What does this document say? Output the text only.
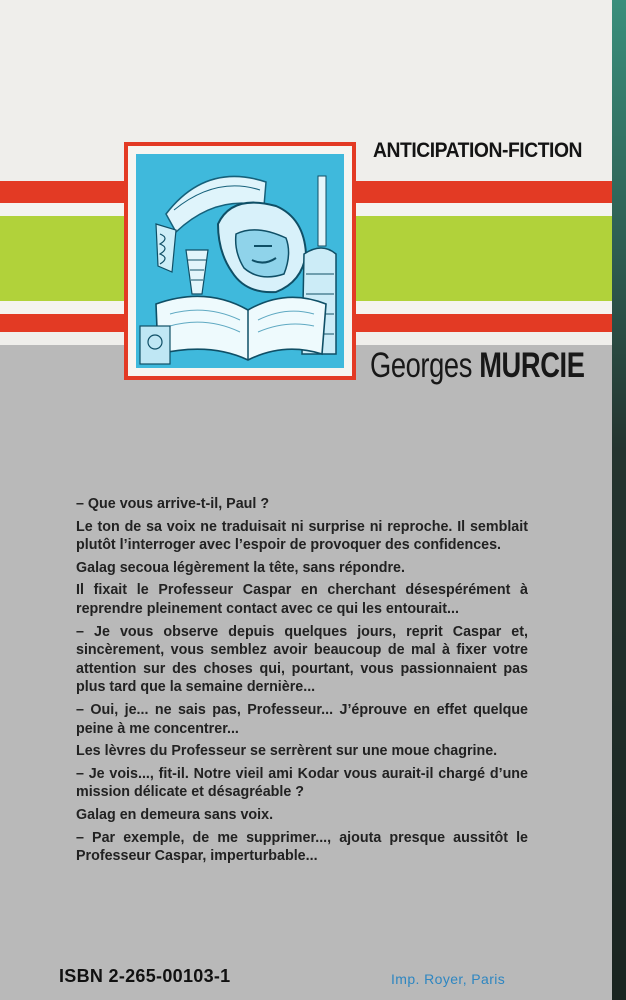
ANTICIPATION-FICTION
Georges MURCIE

– Que vous arrive-t-il, Paul ?

Le ton de sa voix ne traduisait ni surprise ni reproche. Il semblait plutôt l’interroger avec l’espoir de provoquer des confidences.

Galag secoua légèrement la tête, sans répondre.

Il fixait le Professeur Caspar en cherchant désespérément à reprendre pleinement contact avec ce qui les entourait...

– Je vous observe depuis quelques jours, reprit Caspar et, sincèrement, vous semblez avoir beaucoup de mal à fixer votre attention sur des choses qui, pourtant, vous passionnaient pas plus tard que la semaine dernière...

– Oui, je... ne sais pas, Professeur... J’éprouve en effet quelque peine à me concentrer...

Les lèvres du Professeur se serrèrent sur une moue chagrine.

– Je vois..., fit-il. Notre vieil ami Kodar vous aurait-il chargé d’une mission délicate et désagréable ?

Galag en demeura sans voix.

– Par exemple, de me supprimer..., ajouta presque aussitôt le Professeur Caspar, imperturbable...

ISBN 2-265-00103-1	Imp. Royer, Paris
